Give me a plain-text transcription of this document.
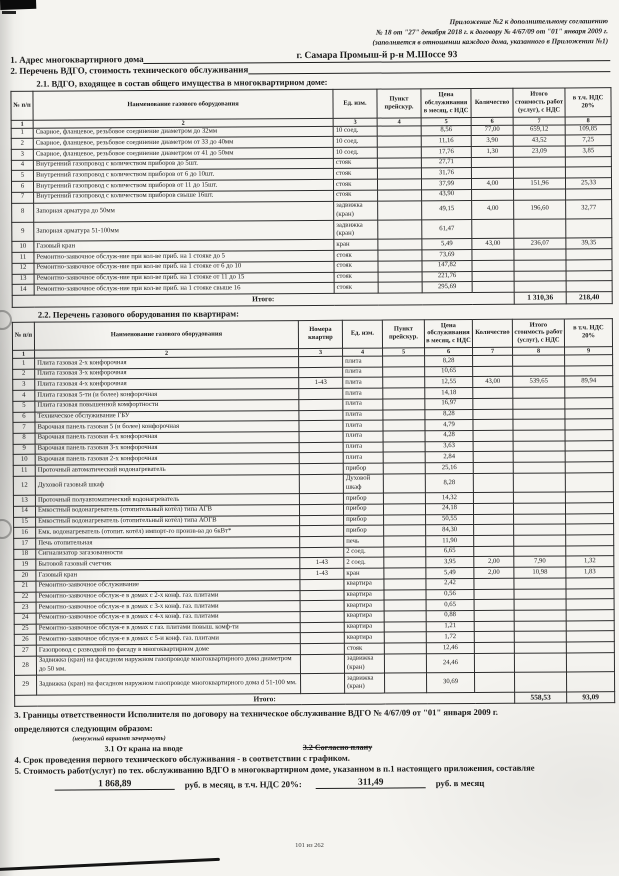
Приложение №2 к дополнительному соглашению
№ 18 от "27" декабря 2018 г. к договору № 4/67/09 от "01" января 2009 г.
(заполняется в отношении каждого дома, указанного в Приложении №1)
1. Адрес многоквартирного дома	г. Самара Промыш-й р-н М.Шоссе 93
2. Перечень ВДГО, стоимость технического обслуживания
2.1. ВДГО, входящее в состав общего имущества в многоквартирном доме:
№ п/п	Наименование газового оборудования	Ед. изм.	Пункт прейскур.	Цена обслуживания в месяц, с НДС	Количество	Итого стоимость работ (услуг), с НДС	в т.ч. НДС 20%
1	2	3	4	5	6	7	8
1	Сварное, фланцевое, резьбовое соединение диаметром до 32мм	10 соед.		8,56	77,00	659,12	109,85
2	Сварное, фланцевое, резьбовое соединение диаметром от 33 до 40мм	10 соед.		11,16	3,90	43,52	7,25
3	Сварное, фланцевое, резьбовое соединение диаметром от 41 до 50мм	10 соед.		17,76	1,30	23,09	3,85
4	Внутренний газопровод с количеством приборов до 5шт.	стояк		27,71			
5	Внутренний газопровод с количеством приборов от 6 до 10шт.	стояк		31,76			
6	Внутренний газопровод с количеством приборов от 11 до 15шт.	стояк		37,99	4,00	151,96	25,33
7	Внутренний газопровод с количеством приборов свыше 16шт.	стояк		43,90			
8	Запорная арматура до 50мм	задвижка (кран)		49,15	4,00	196,60	32,77
9	Запорная арматура 51-100мм	задвижка (кран)		61,47			
10	Газовый кран	кран		5,49	43,00	236,07	39,35
11	Ремонтно-заявочное обслуж-ние при кол-ве приб. на 1 стояке до 5	стояк		73,69			
12	Ремонтно-заявочное обслуж-ние при кол-ве приб. на 1 стояке от 6 до 10	стояк		147,82			
13	Ремонтно-заявочное обслуж-ние при кол-ве приб. на 1 стояке от 11 до 15	стояк		221,76			
14	Ремонтно-заявочное обслуж-ние при кол-ве приб. на 1 стояке свыше 16	стояк		295,69			
Итого:						1 310,36	218,40
2.2. Перечень газового оборудования по квартирам:
№ п/п	Наименование газового оборудования	Номера квартир	Ед. изм.	Пункт прейскур.	Цена обслуживания в месяц, с НДС	Количество	Итого стоимость работ (услуг), с НДС	в т.ч. НДС 20%
1	2	3	4	5	6	7	8	9
1	Плита газовая 2-х конфорочная		плита		8,28			
2	Плита газовая 3-х конфорочная		плита		10,65			
3	Плита газовая 4-х конфорочная	1-43	плита		12,55	43,00	539,65	89,94
4	Плита газовая 5-ти (и более) конфорочная		плита		14,18			
5	Плита газовая повышенной комфортности		плита		16,97			
6	Техническое обслуживание ГБУ		плита		8,28			
7	Варочная панель газовая 5 (и более) конфорочная		плита		4,79			
8	Варочная панель газовая 4-х конфорочная		плита		4,28			
9	Варочная панель газовая 3-х конфорочная		плита		3,63			
10	Варочная панель газовая 2-х конфорочная		плита		2,84			
11	Проточный автоматический водонагреватель		прибор		25,16			
12	Духовой газовый шкаф		Духовой шкаф		8,28			
13	Проточный полуавтоматический водонагреватель		прибор		14,32			
14	Емкостный водонагреватель (отопительный котёл) типа АГВ		прибор		24,18			
15	Емкостный водонагреватель (отопительный котёл) типа АОГВ		прибор		50,55			
16	Емк. водонагреватель (отопит. котёл) импорт-го произв-ва до 6кВт*		прибор		84,30			
17	Печь отопительная		печь		11,90			
18	Сигнализатор загазованности		2 соед.		6,65			
19	Бытовой газовый счетчик	1-43	2 соед.		3,95	2,00	7,90	1,32
20	Газовый кран	1-43	кран		5,49	2,00	10,98	1,83
21	Ремонтно-заявочное обслуживание		квартира		2,42			
22	Ремонтно-заявочное обслуж-е в домах с 2-х конф. газ. плитами		квартира		0,56			
23	Ремонтно-заявочное обслуж-е в домах с 3-х конф. газ. плитами		квартира		0,65			
24	Ремонтно-заявочное обслуж-е в домах с 4-х конф. газ. плитами		квартира		0,88			
25	Ремонтно-заявочное обслуж-е в домах с газ. плитами повыш. комф-ти		квартира		1,21			
26	Ремонтно-заявочное обслуж-е в домах с 5-и конф. газ. плитами		квартира		1,72			
27	Газопровод с разводкой по фасаду в многоквартирном доме		стояк		12,46			
28	Задвижка (кран) на фасадном наружном газопроводе многоквартирного дома диаметром до 50 мм.		задвижка (кран)		24,46			
29	Задвижка (кран) на фасадном наружном газопроводе многоквартирного дома d 51-100 мм.		задвижка (кран)		30,69			
Итого:							558,53	93,09
3. Границы ответственности Исполнителя по договору на техническое обслуживание ВДГО № 4/67/09 от "01" января 2009 г.
определяются следующим образом:
(ненужный вариант зачеркнуть)
3.1 От крана на вводе	3.2 Согласно плану
4. Срок проведения первого технического обслуживания - в соответствии с графиком.
5. Стоимость работ(услуг) по тех. обслуживанию ВДГО в многоквартирном доме, указанном в п.1 настоящего приложения, составляе
1 868,89	руб. в месяц, в т.ч. НДС 20%:	311,49	руб. в месяц
101 из 262
